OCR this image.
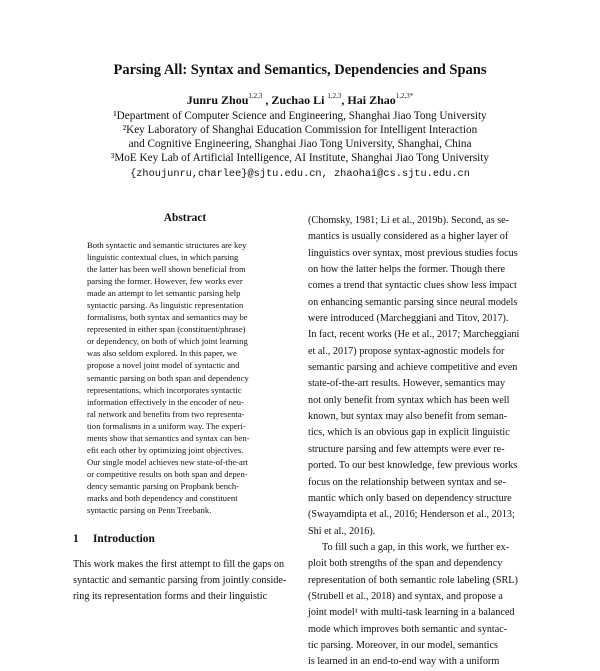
Parsing All: Syntax and Semantics, Dependencies and Spans
Junru Zhou$^{1,2,3}$ , Zuchao Li $^{1,2,3}$, Hai Zhao$^{1,2,3*}$
¹Department of Computer Science and Engineering, Shanghai Jiao Tong University
²Key Laboratory of Shanghai Education Commission for Intelligent Interaction
and Cognitive Engineering, Shanghai Jiao Tong University, Shanghai, China
³MoE Key Lab of Artificial Intelligence, AI Institute, Shanghai Jiao Tong University
{zhoujunru,charlee}@sjtu.edu.cn, zhaohai@cs.sjtu.edu.cn
Abstract
Both syntactic and semantic structures are key
linguistic contextual clues, in which parsing
the latter has been well shown beneficial from
parsing the former. However, few works ever
made an attempt to let semantic parsing help
syntactic parsing. As linguistic representation
formalisms, both syntax and semantics may be
represented in either span (constituent/phrase)
or dependency, on both of which joint learning
was also seldom explored. In this paper, we
propose a novel joint model of syntactic and
semantic parsing on both span and dependency
representations, which incorporates syntactic
information effectively in the encoder of neu-
ral network and benefits from two representa-
tion formalisms in a uniform way. The experi-
ments show that semantics and syntax can ben-
efit each other by optimizing joint objectives.
Our single model achieves new state-of-the-art
or competitive results on both span and depen-
dency semantic parsing on Propbank bench-
marks and both dependency and constituent
syntactic parsing on Penn Treebank.
1 Introduction
This work makes the first attempt to fill the gaps on
syntactic and semantic parsing from jointly conside-
ring its representation forms and their linguistic
(Chomsky, 1981; Li et al., 2019b). Second, as se-
mantics is usually considered as a higher layer of
linguistics over syntax, most previous studies focus
on how the latter helps the former. Though there
comes a trend that syntactic clues show less impact
on enhancing semantic parsing since neural models
were introduced (Marcheggiani and Titov, 2017).
In fact, recent works (He et al., 2017; Marcheggiani
et al., 2017) propose syntax-agnostic models for
semantic parsing and achieve competitive and even
state-of-the-art results. However, semantics may
not only benefit from syntax which has been well
known, but syntax may also benefit from seman-
tics, which is an obvious gap in explicit linguistic
structure parsing and few attempts were ever re-
ported. To our best knowledge, few previous works
focus on the relationship between syntax and se-
mantic which only based on dependency structure
(Swayamdipta et al., 2016; Henderson et al., 2013;
Shi et al., 2016).
To fill such a gap, in this work, we further ex-
ploit both strengths of the span and dependency
representation of both semantic role labeling (SRL)
(Strubell et al., 2018) and syntax, and propose a
joint model¹ with multi-task learning in a balanced
mode which improves both semantic and syntac-
tic parsing. Moreover, in our model, semantics
is learned in an end-to-end way with a uniform
